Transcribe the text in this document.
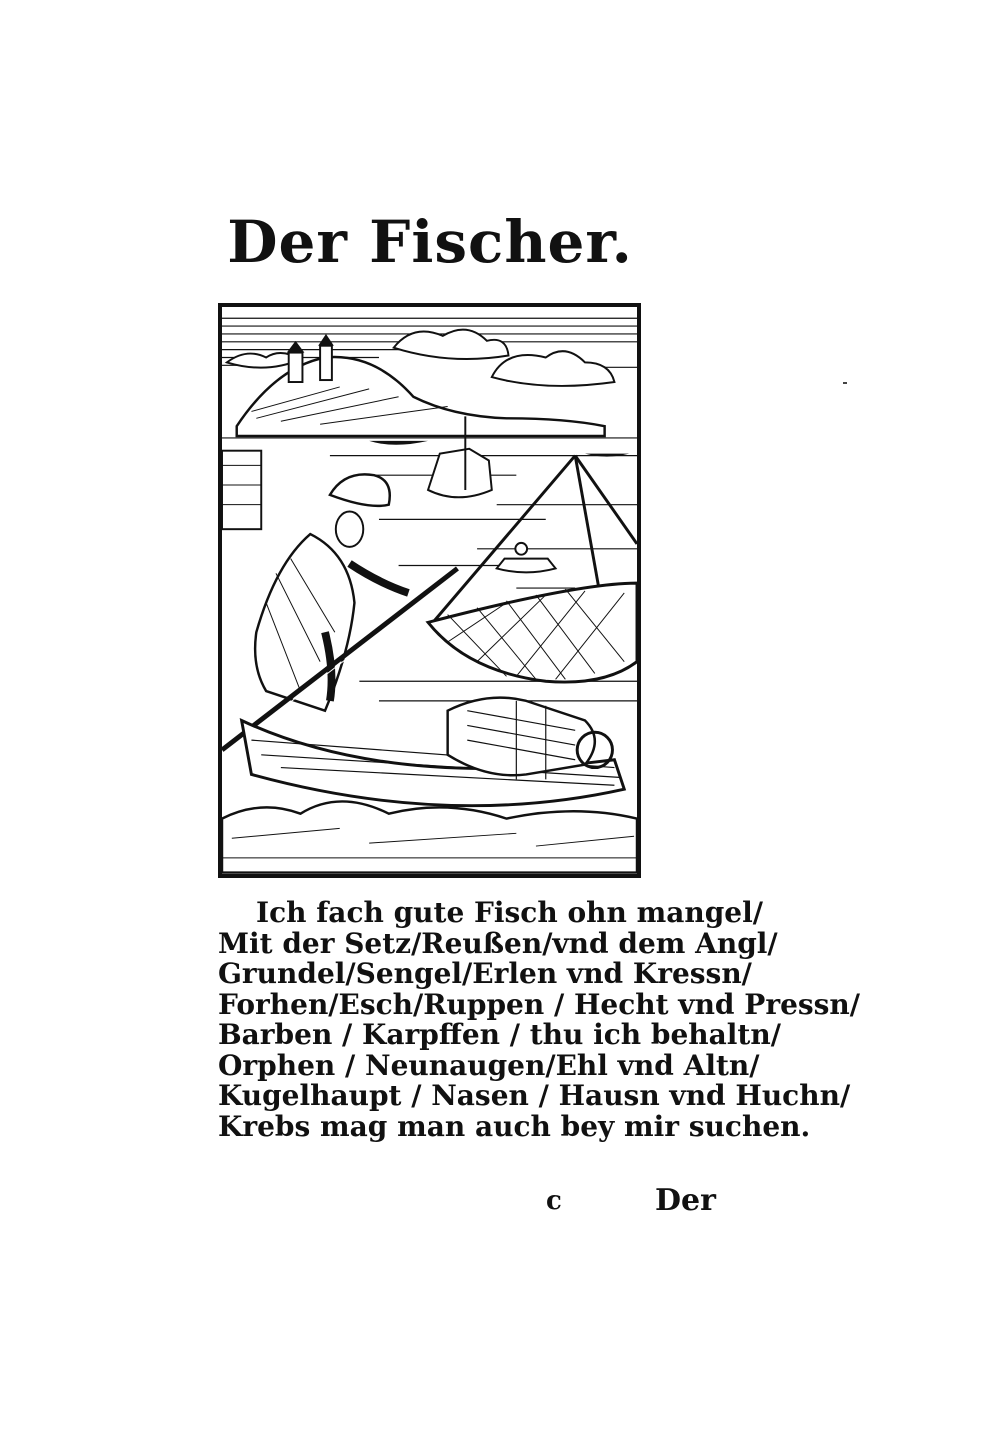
Der Fischer.
Ich fach gute Fisch ohn mangel/
Mit der Setz/Reußen/vnd dem Angl/
Grundel/Sengel/Erlen vnd Kressn/
Forhen/Esch/Ruppen / Hecht vnd Pressn/
Barben / Karpffen / thu ich behaltn/
Orphen / Neunaugen/Ehl vnd Altn/
Kugelhaupt / Nasen / Hausn vnd Huchn/
Krebs mag man auch bey mir suchen.
c	Der
